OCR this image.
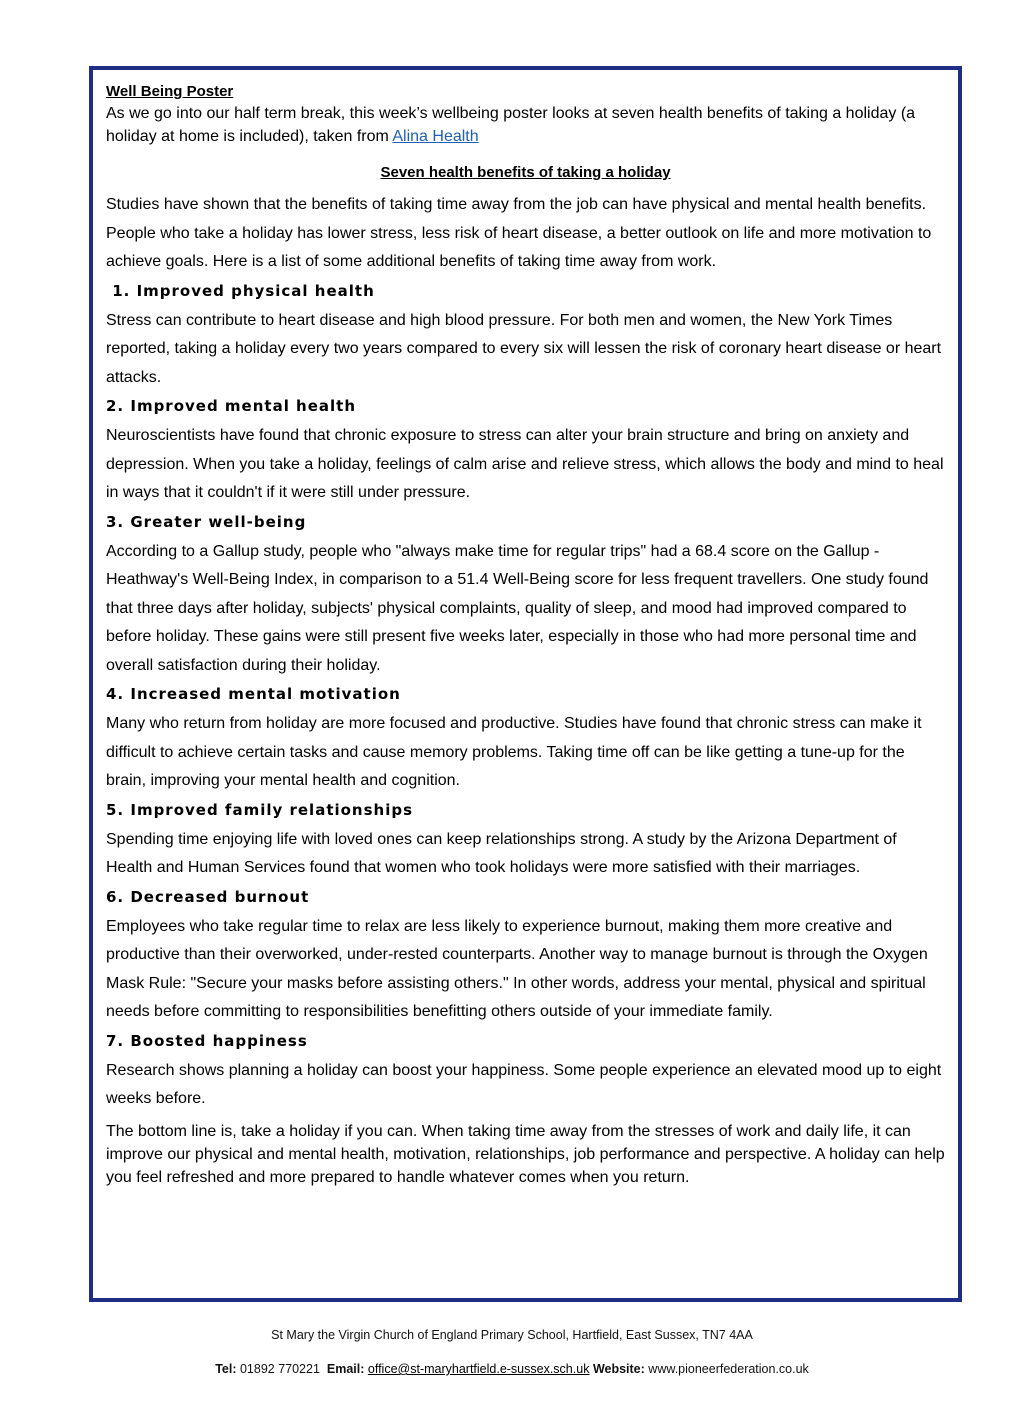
Well Being Poster

As we go into our half term break, this week’s wellbeing poster looks at seven health benefits of taking a holiday (a holiday at home is included), taken from Alina Health

Seven health benefits of taking a holiday

Studies have shown that the benefits of taking time away from the job can have physical and mental health benefits. People who take a holiday has lower stress, less risk of heart disease, a better outlook on life and more motivation to achieve goals. Here is a list of some additional benefits of taking time away from work.

1. Improved physical health

Stress can contribute to heart disease and high blood pressure. For both men and women, the New York Times reported, taking a holiday every two years compared to every six will lessen the risk of coronary heart disease or heart attacks.

2. Improved mental health

Neuroscientists have found that chronic exposure to stress can alter your brain structure and bring on anxiety and depression. When you take a holiday, feelings of calm arise and relieve stress, which allows the body and mind to heal in ways that it couldn't if it were still under pressure.

3. Greater well-being

According to a Gallup study, people who "always make time for regular trips" had a 68.4 score on the Gallup -Heathway's Well-Being Index, in comparison to a 51.4 Well-Being score for less frequent travellers. One study found that three days after holiday, subjects' physical complaints, quality of sleep, and mood had improved compared to before holiday. These gains were still present five weeks later, especially in those who had more personal time and overall satisfaction during their holiday.

4. Increased mental motivation

Many who return from holiday are more focused and productive. Studies have found that chronic stress can make it difficult to achieve certain tasks and cause memory problems. Taking time off can be like getting a tune-up for the brain, improving your mental health and cognition.

5. Improved family relationships

Spending time enjoying life with loved ones can keep relationships strong. A study by the Arizona Department of Health and Human Services found that women who took holidays were more satisfied with their marriages.

6. Decreased burnout

Employees who take regular time to relax are less likely to experience burnout, making them more creative and productive than their overworked, under-rested counterparts. Another way to manage burnout is through the Oxygen Mask Rule: "Secure your masks before assisting others." In other words, address your mental, physical and spiritual needs before committing to responsibilities benefitting others outside of your immediate family.

7. Boosted happiness

Research shows planning a holiday can boost your happiness. Some people experience an elevated mood up to eight weeks before.

The bottom line is, take a holiday if you can. When taking time away from the stresses of work and daily life, it can improve our physical and mental health, motivation, relationships, job performance and perspective. A holiday can help you feel refreshed and more prepared to handle whatever comes when you return.

St Mary the Virgin Church of England Primary School, Hartfield, East Sussex, TN7 4AA
Tel: 01892 770221 Email: office@st-maryhartfield.e-sussex.sch.uk Website: www.pioneerfederation.co.uk
